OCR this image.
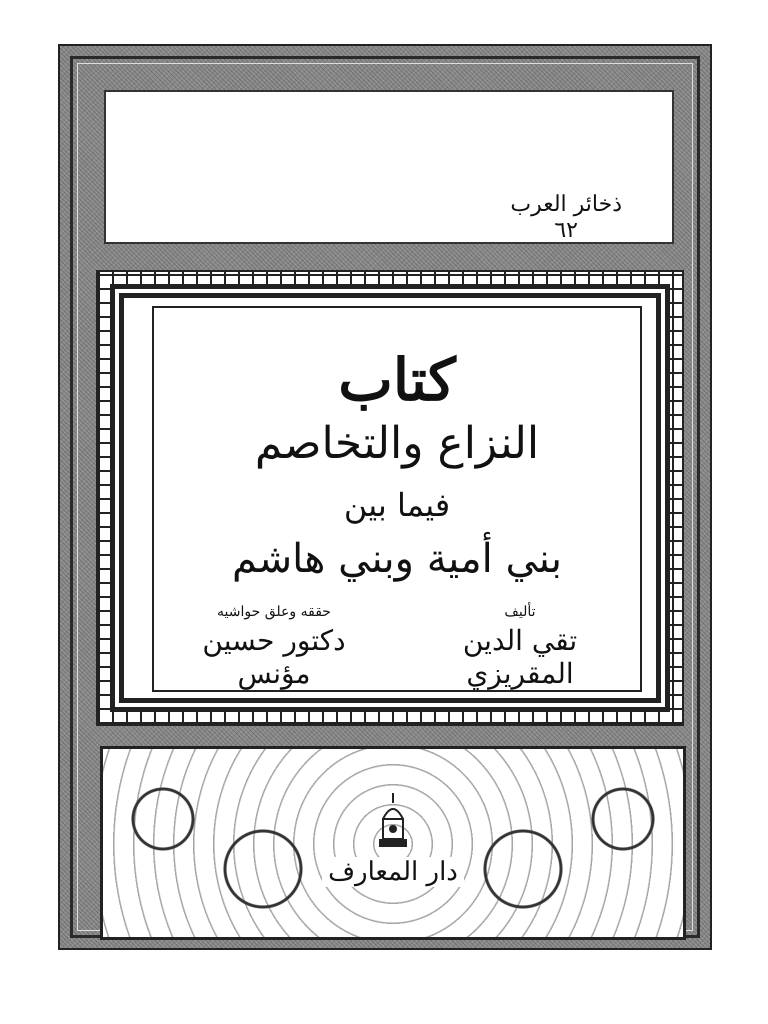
ذخائر العرب
٦٢
كتاب
النزاع والتخاصم
فيما بين
بني أمية وبني هاشم
تأليف
تقي الدين المقريزي
حققه وعلق حواشيه
دكتور حسين مؤنس
دار المعارف
